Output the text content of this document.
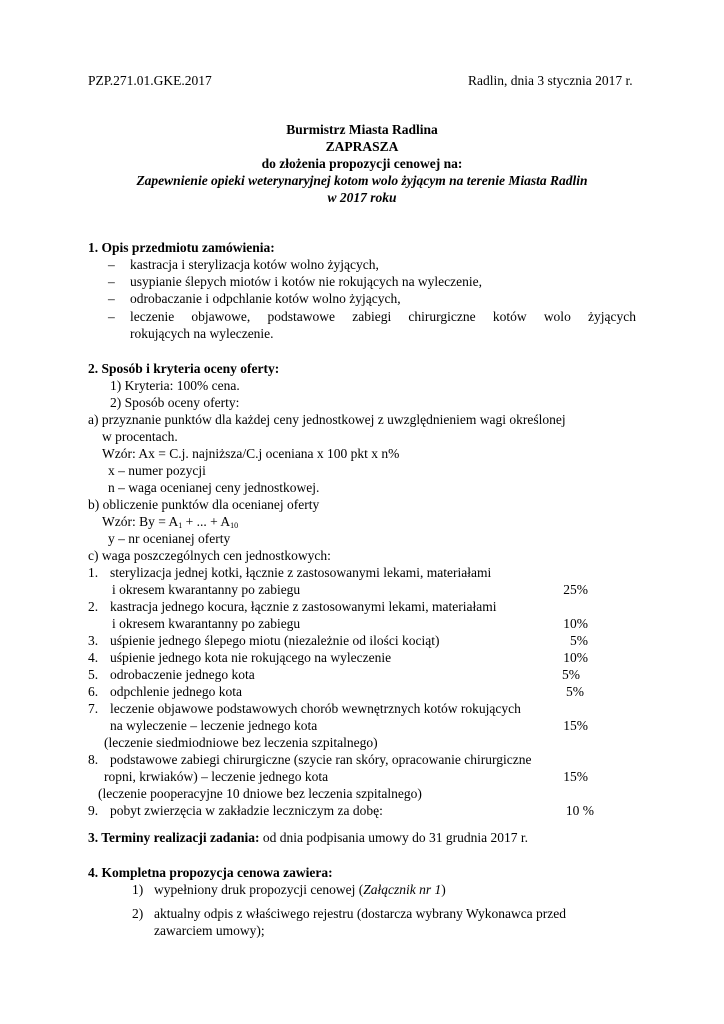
PZP.271.01.GKE.2017	Radlin, dnia 3 stycznia 2017 r.
Burmistrz Miasta Radlina
ZAPRASZA
do złożenia propozycji cenowej na:
Zapewnienie opieki weterynaryjnej kotom wolo żyjącym na terenie Miasta Radlin
w 2017 roku
1. Opis przedmiotu zamówienia:
– kastracja i sterylizacja kotów wolno żyjących,
– usypianie ślepych miotów i kotów nie rokujących na wyleczenie,
– odrobaczanie i odpchlanie kotów wolno żyjących,
– leczenie objawowe, podstawowe zabiegi chirurgiczne kotów wolo żyjących
rokujących na wyleczenie.
2. Sposób i kryteria oceny oferty:
1) Kryteria: 100% cena.
2) Sposób oceny oferty:
a) przyznanie punktów dla każdej ceny jednostkowej z uwzględnieniem wagi określonej
w procentach.
Wzór: Ax = C.j. najniższa/C.j oceniana x 100 pkt x n%
x – numer pozycji
n – waga ocenianej ceny jednostkowej.
b) obliczenie punktów dla ocenianej oferty
Wzór: $By = A_1$ + ... + $A_{10}$
y – nr ocenianej oferty
c) waga poszczególnych cen jednostkowych:
1. sterylizacja jednej kotki, łącznie z zastosowanymi lekami, materiałami
i okresem kwarantanny po zabiegu	25%
2. kastracja jednego kocura, łącznie z zastosowanymi lekami, materiałami
i okresem kwarantanny po zabiegu	10%
3. uśpienie jednego ślepego miotu (niezależnie od ilości kociąt)	5%
4. uśpienie jednego kota nie rokującego na wyleczenie	10%
5. odrobaczenie jednego kota	5%
6. odpchlenie jednego kota	5%
7. leczenie objawowe podstawowych chorób wewnętrznych kotów rokujących
na wyleczenie – leczenie jednego kota	15%
(leczenie siedmiodniowe bez leczenia szpitalnego)
8. podstawowe zabiegi chirurgiczne (szycie ran skóry, opracowanie chirurgiczne
ropni, krwiaków) – leczenie jednego kota	15%
(leczenie pooperacyjne 10 dniowe bez leczenia szpitalnego)
9. pobyt zwierzęcia w zakładzie leczniczym za dobę:	10 %
3. Terminy realizacji zadania: od dnia podpisania umowy do 31 grudnia 2017 r.
4. Kompletna propozycja cenowa zawiera:
1) wypełniony druk propozycji cenowej (Załącznik nr 1)
2) aktualny odpis z właściwego rejestru (dostarcza wybrany Wykonawca przed
zawarciem umowy);
